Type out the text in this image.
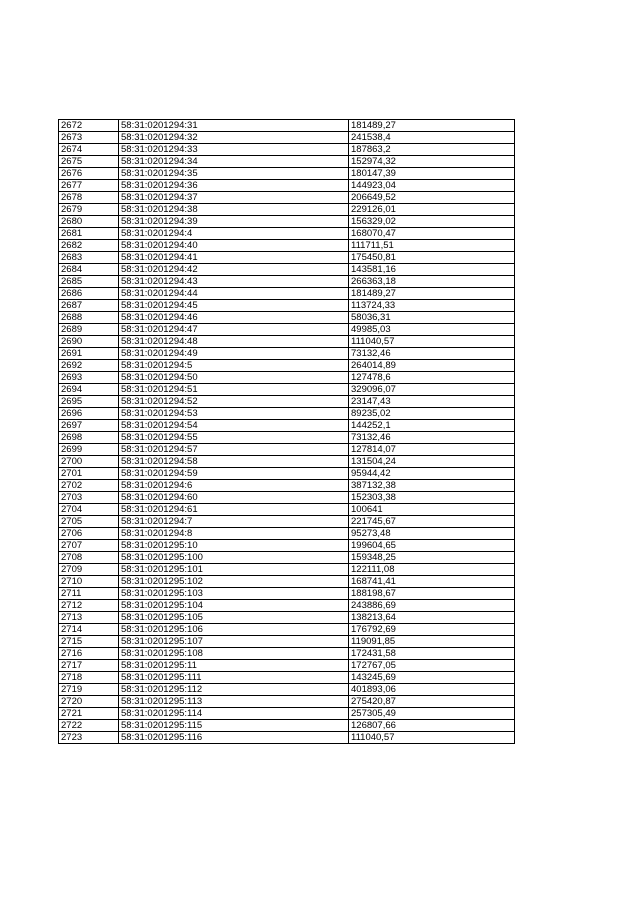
2672	58:31:0201294:31	181489,27
2673	58:31:0201294:32	241538,4
2674	58:31:0201294:33	187863,2
2675	58:31:0201294:34	152974,32
2676	58:31:0201294:35	180147,39
2677	58:31:0201294:36	144923,04
2678	58:31:0201294:37	206649,52
2679	58:31:0201294:38	229126,01
2680	58:31:0201294:39	156329,02
2681	58:31:0201294:4	168070,47
2682	58:31:0201294:40	111711,51
2683	58:31:0201294:41	175450,81
2684	58:31:0201294:42	143581,16
2685	58:31:0201294:43	266363,18
2686	58:31:0201294:44	181489,27
2687	58:31:0201294:45	113724,33
2688	58:31:0201294:46	58036,31
2689	58:31:0201294:47	49985,03
2690	58:31:0201294:48	111040,57
2691	58:31:0201294:49	73132,46
2692	58:31:0201294:5	264014,89
2693	58:31:0201294:50	127478,6
2694	58:31:0201294:51	329096,07
2695	58:31:0201294:52	23147,43
2696	58:31:0201294:53	89235,02
2697	58:31:0201294:54	144252,1
2698	58:31:0201294:55	73132,46
2699	58:31:0201294:57	127814,07
2700	58:31:0201294:58	131504,24
2701	58:31:0201294:59	95944,42
2702	58:31:0201294:6	387132,38
2703	58:31:0201294:60	152303,38
2704	58:31:0201294:61	100641
2705	58:31:0201294:7	221745,67
2706	58:31:0201294:8	95273,48
2707	58:31:0201295:10	199604,65
2708	58:31:0201295:100	159348,25
2709	58:31:0201295:101	122111,08
2710	58:31:0201295:102	168741,41
2711	58:31:0201295:103	188198,67
2712	58:31:0201295:104	243886,69
2713	58:31:0201295:105	138213,64
2714	58:31:0201295:106	176792,69
2715	58:31:0201295:107	119091,85
2716	58:31:0201295:108	172431,58
2717	58:31:0201295:11	172767,05
2718	58:31:0201295:111	143245,69
2719	58:31:0201295:112	401893,06
2720	58:31:0201295:113	275420,87
2721	58:31:0201295:114	257305,49
2722	58:31:0201295:115	126807,66
2723	58:31:0201295:116	111040,57
